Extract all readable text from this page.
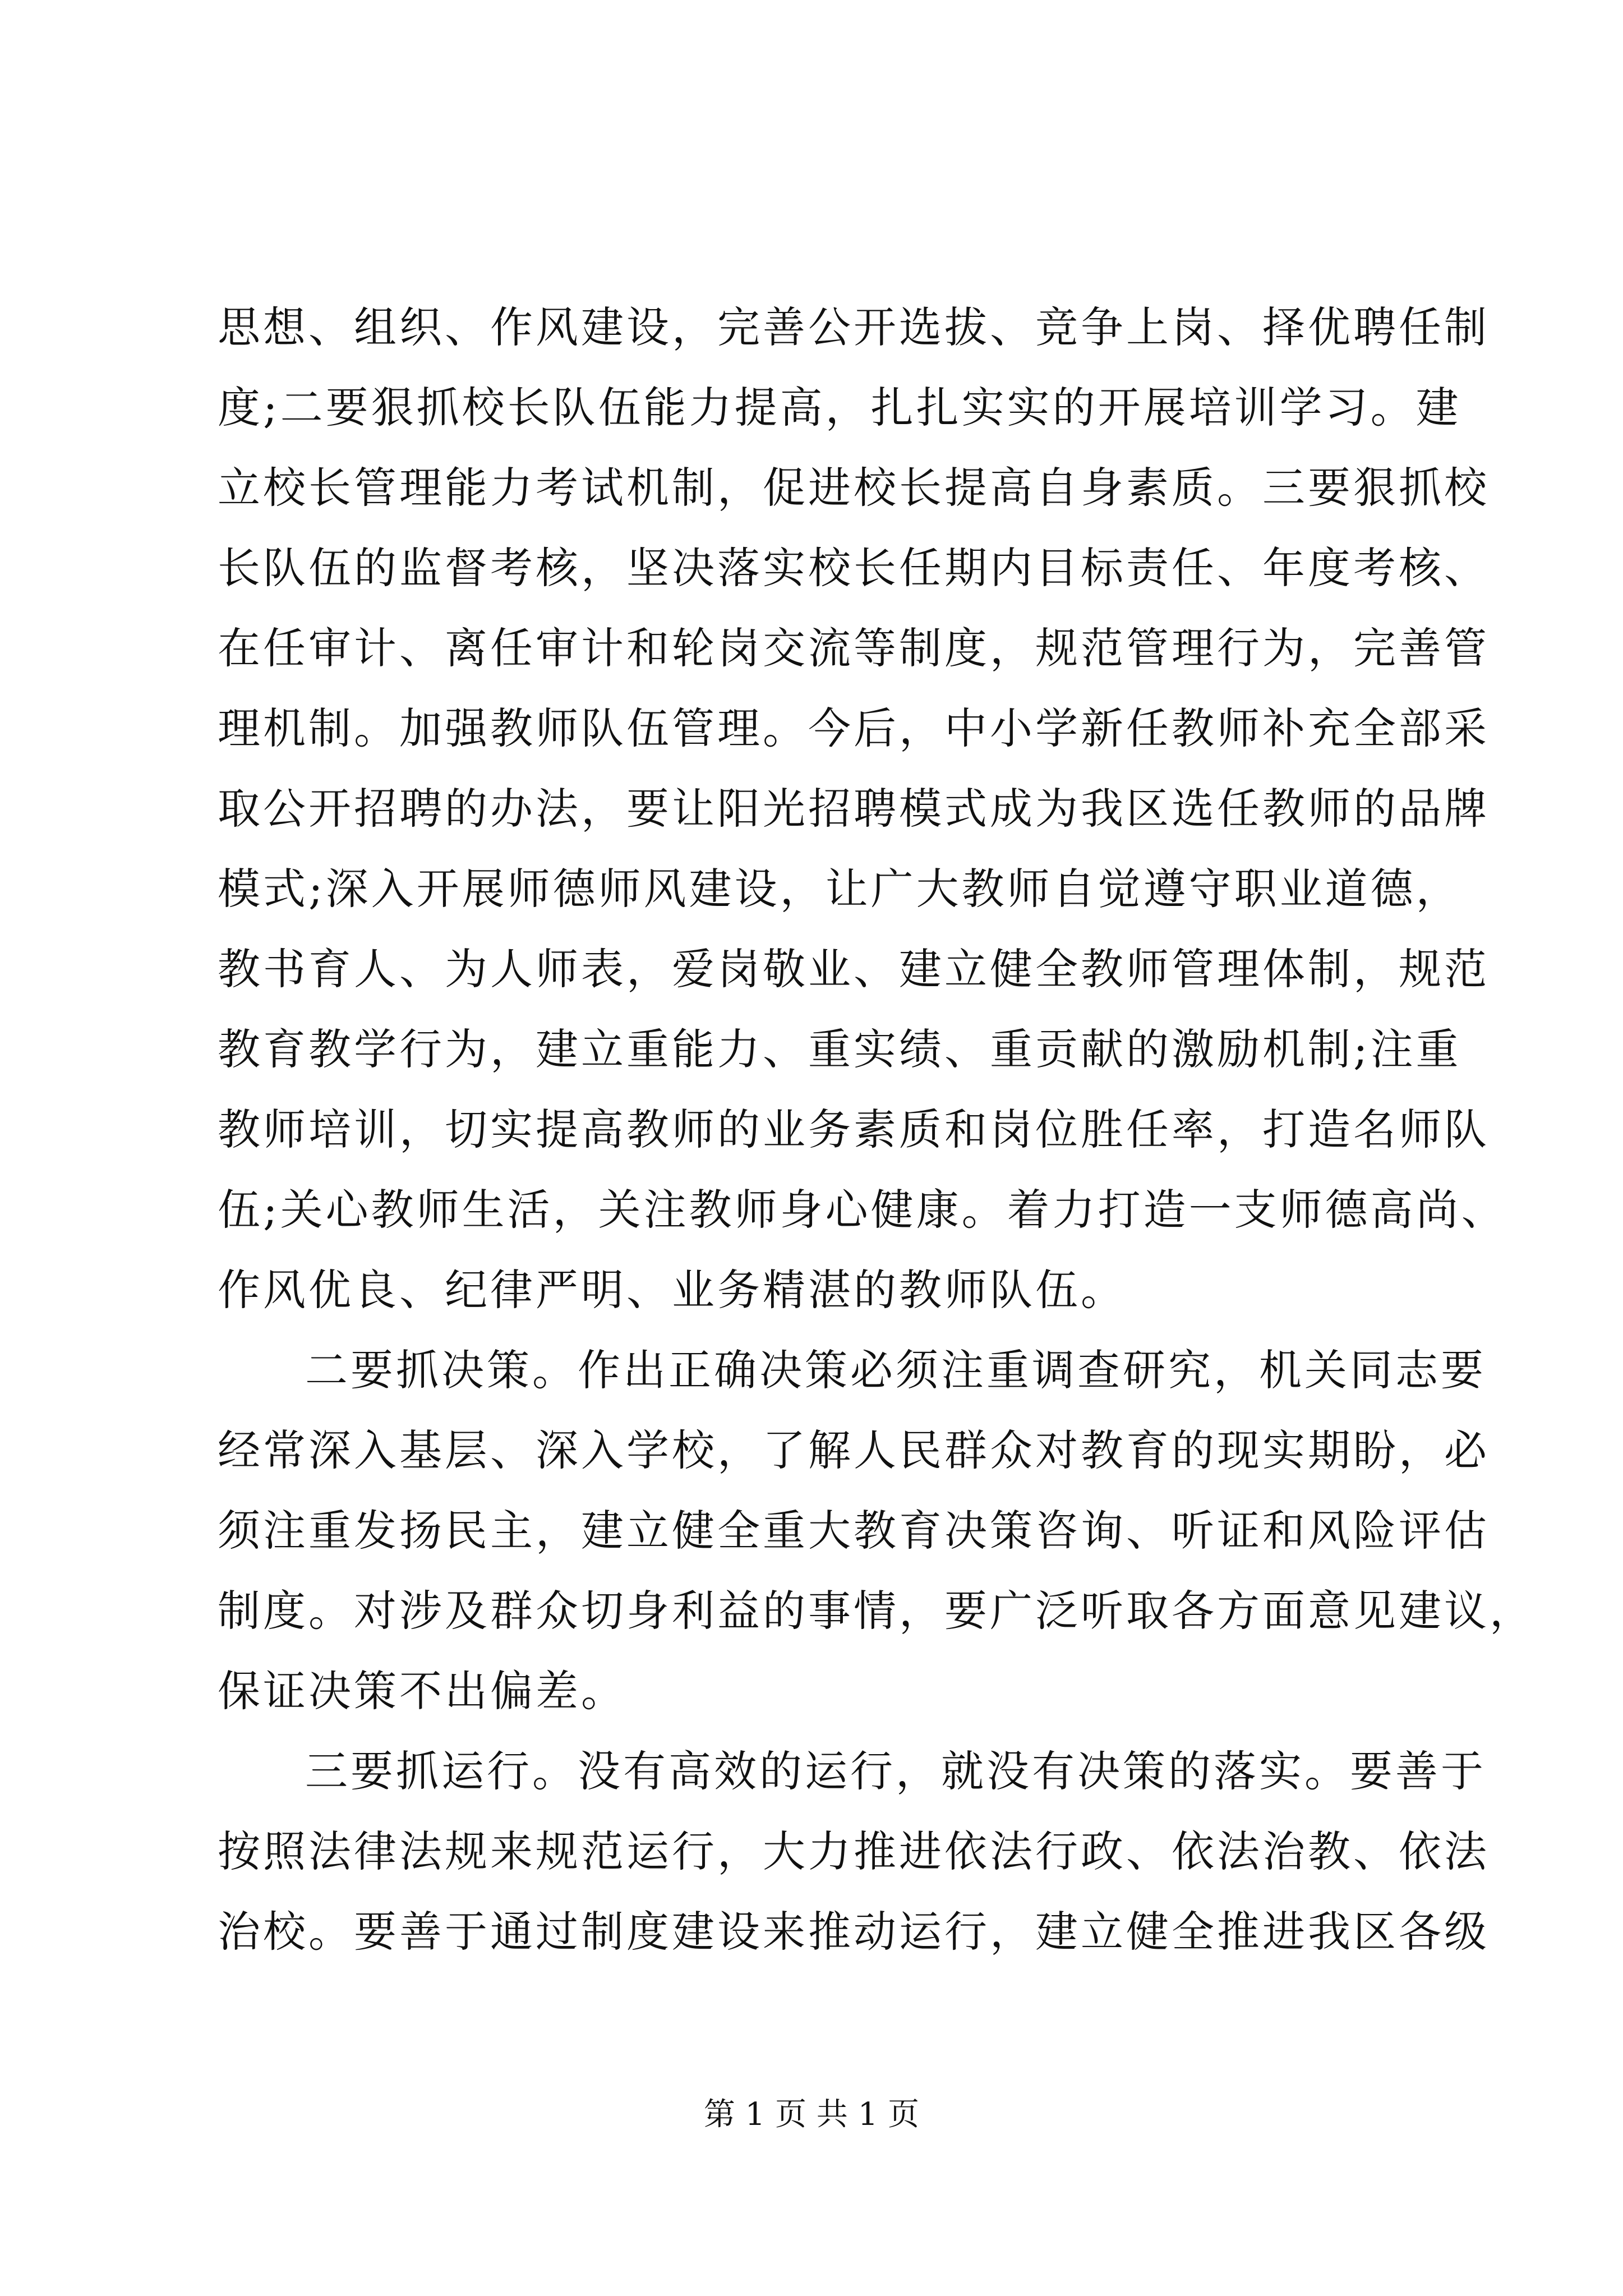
思想、组织、作风建设，完善公开选拔、竞争上岗、择优聘任制
度;二要狠抓校长队伍能力提高，扎扎实实的开展培训学习。建
立校长管理能力考试机制，促进校长提高自身素质。三要狠抓校
长队伍的监督考核，坚决落实校长任期内目标责任、年度考核、
在任审计、离任审计和轮岗交流等制度，规范管理行为，完善管
理机制。加强教师队伍管理。今后，中小学新任教师补充全部采
取公开招聘的办法，要让阳光招聘模式成为我区选任教师的品牌
模式;深入开展师德师风建设，让广大教师自觉遵守职业道德，
教书育人、为人师表，爱岗敬业、建立健全教师管理体制，规范
教育教学行为，建立重能力、重实绩、重贡献的激励机制;注重
教师培训，切实提高教师的业务素质和岗位胜任率，打造名师队
伍;关心教师生活，关注教师身心健康。着力打造一支师德高尚、
作风优良、纪律严明、业务精湛的教师队伍。
二要抓决策。作出正确决策必须注重调查研究，机关同志要
经常深入基层、深入学校，了解人民群众对教育的现实期盼，必
须注重发扬民主，建立健全重大教育决策咨询、听证和风险评估
制度。对涉及群众切身利益的事情，要广泛听取各方面意见建议，
保证决策不出偏差。
三要抓运行。没有高效的运行，就没有决策的落实。要善于
按照法律法规来规范运行，大力推进依法行政、依法治教、依法
治校。要善于通过制度建设来推动运行，建立健全推进我区各级
第 1 页 共 1 页
